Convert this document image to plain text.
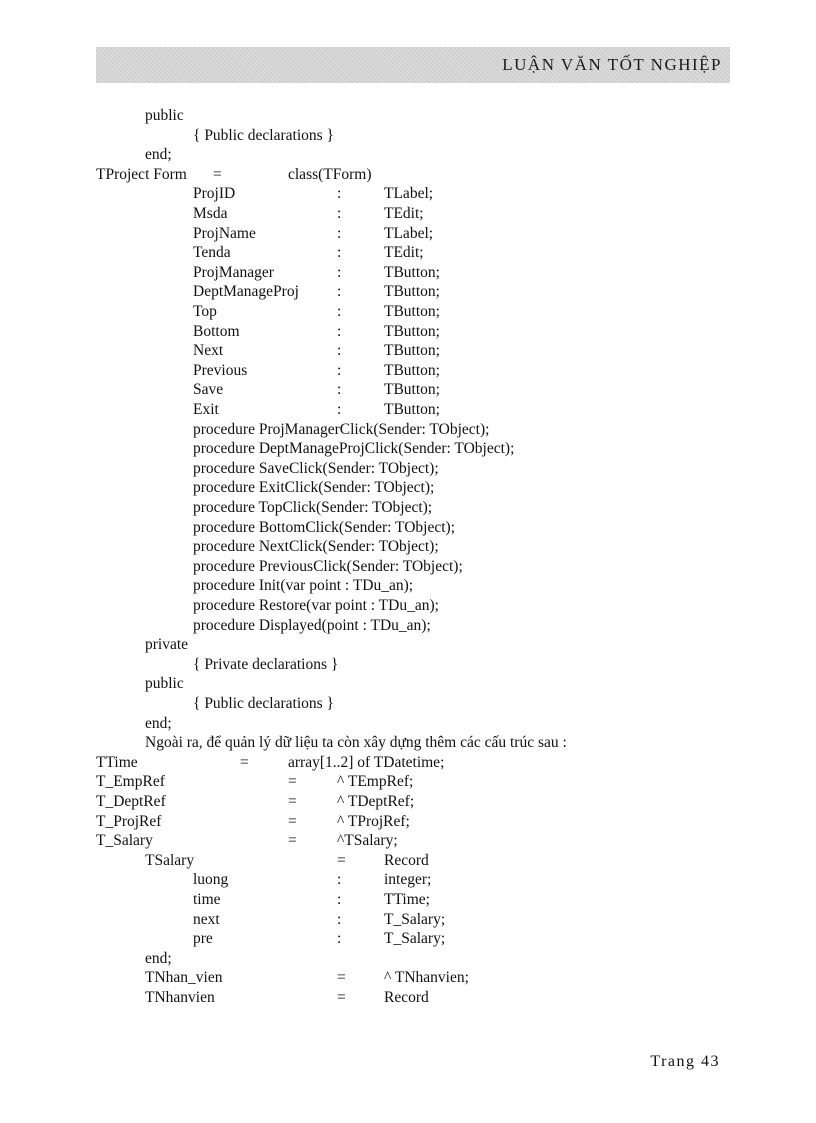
LUẬN VĂN TỐT NGHIỆP
public
{ Public declarations }
end;
TProject Form =	class(TForm)
ProjID	:	TLabel;
Msda	:	TEdit;
ProjName	:	TLabel;
Tenda	:	TEdit;
ProjManager	:	TButton;
DeptManageProj :	TButton;
Top	:	TButton;
Bottom	:	TButton;
Next	:	TButton;
Previous	:	TButton;
Save	:	TButton;
Exit	:	TButton;
procedure ProjManagerClick(Sender: TObject);
procedure DeptManageProjClick(Sender: TObject);
procedure SaveClick(Sender: TObject);
procedure ExitClick(Sender: TObject);
procedure TopClick(Sender: TObject);
procedure BottomClick(Sender: TObject);
procedure NextClick(Sender: TObject);
procedure PreviousClick(Sender: TObject);
procedure Init(var point : TDu_an);
procedure Restore(var point : TDu_an);
procedure Displayed(point : TDu_an);
private
{ Private declarations }
public
{ Public declarations }
end;
Ngoài ra, để quản lý dữ liệu ta còn xây dựng thêm các cấu trúc sau :
TTime	=	array[1..2] of TDatetime;
T_EmpRef	=	^ TEmpRef;
T_DeptRef	=	^ TDeptRef;
T_ProjRef	=	^ TProjRef;
T_Salary	=	^TSalary;
TSalary	= Record
luong	:	integer;
time	:	TTime;
next	:	T_Salary;
pre	:	T_Salary;
end;
TNhan_vien	= ^ TNhanvien;
TNhanvien	= Record
Trang 43
